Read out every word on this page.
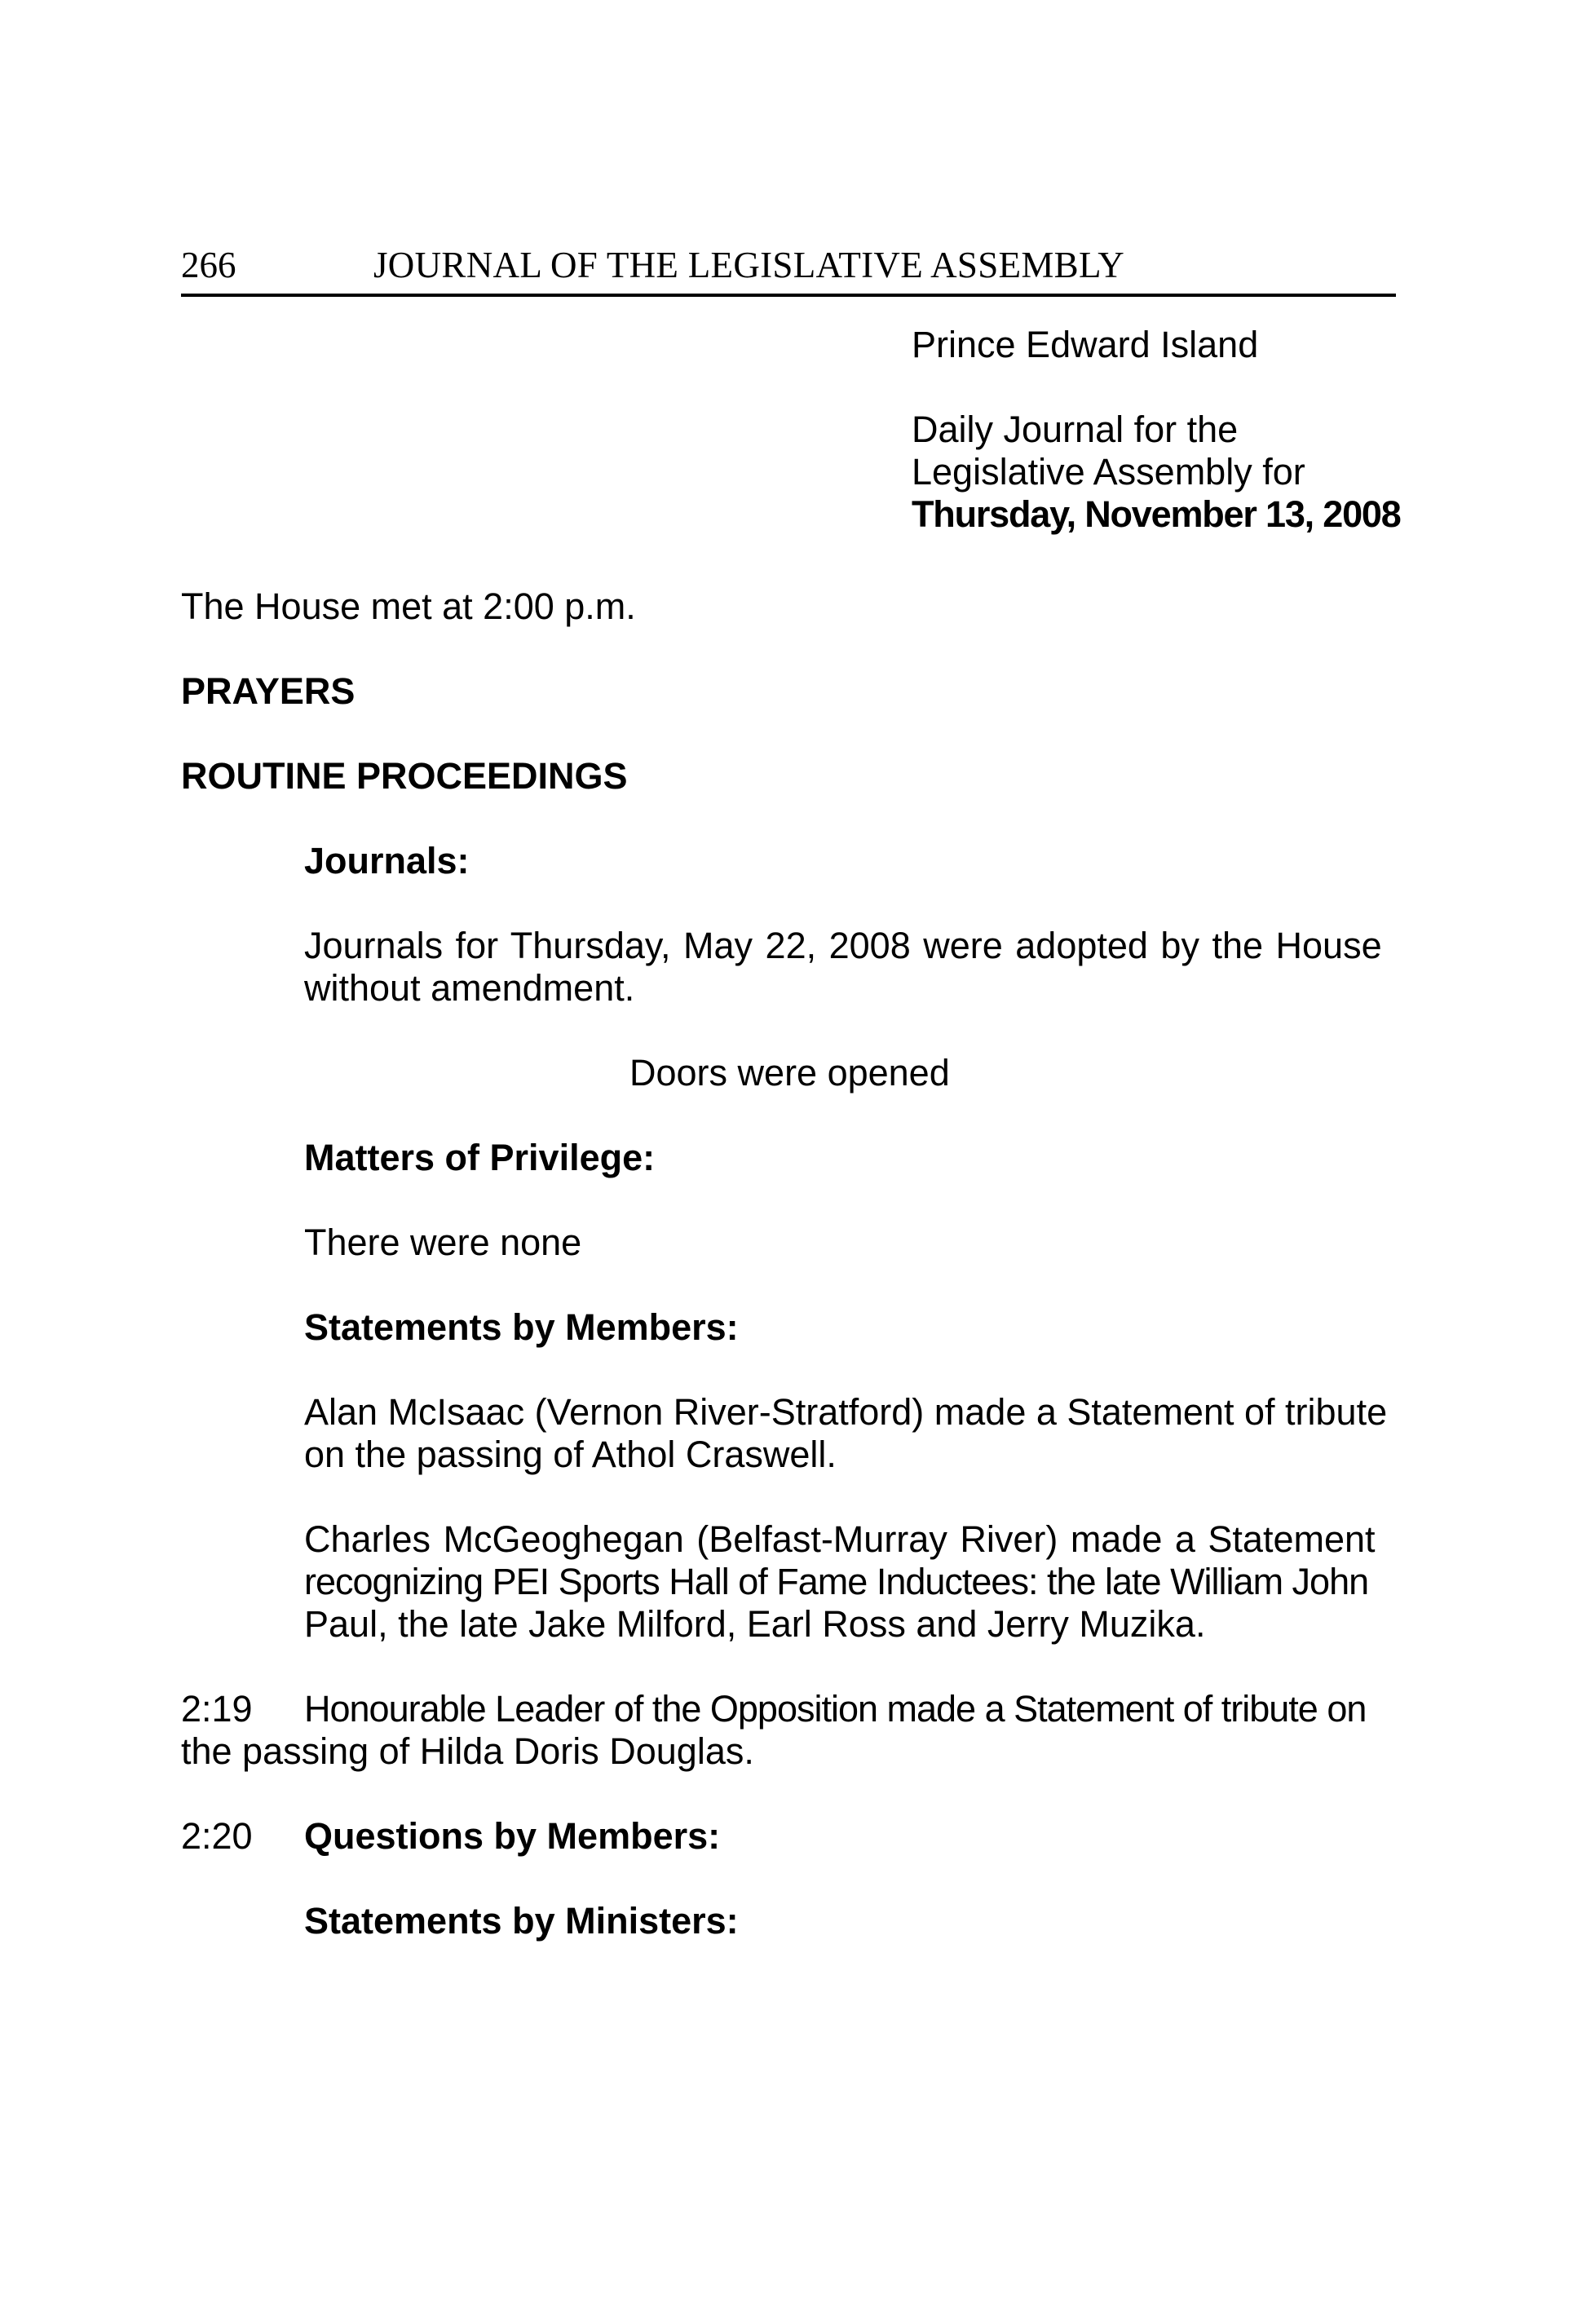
266	JOURNAL OF THE LEGISLATIVE ASSEMBLY
Prince Edward Island
Daily Journal for the
Legislative Assembly for
Thursday, November 13, 2008
The House met at 2:00 p.m.
PRAYERS
ROUTINE PROCEEDINGS
Journals:
Journals for Thursday, May 22, 2008 were adopted by the House
without amendment.
Doors were opened
Matters of Privilege:
There were none
Statements by Members:
Alan McIsaac (Vernon River-Stratford) made a Statement of tribute
on the passing of Athol Craswell.
Charles McGeoghegan (Belfast-Murray River) made a Statement
recognizing PEI Sports Hall of Fame Inductees: the late William John
Paul, the late Jake Milford, Earl Ross and Jerry Muzika.
2:19 Honourable Leader of the Opposition made a Statement of tribute on
the passing of Hilda Doris Douglas.
2:20 Questions by Members:
Statements by Ministers:
